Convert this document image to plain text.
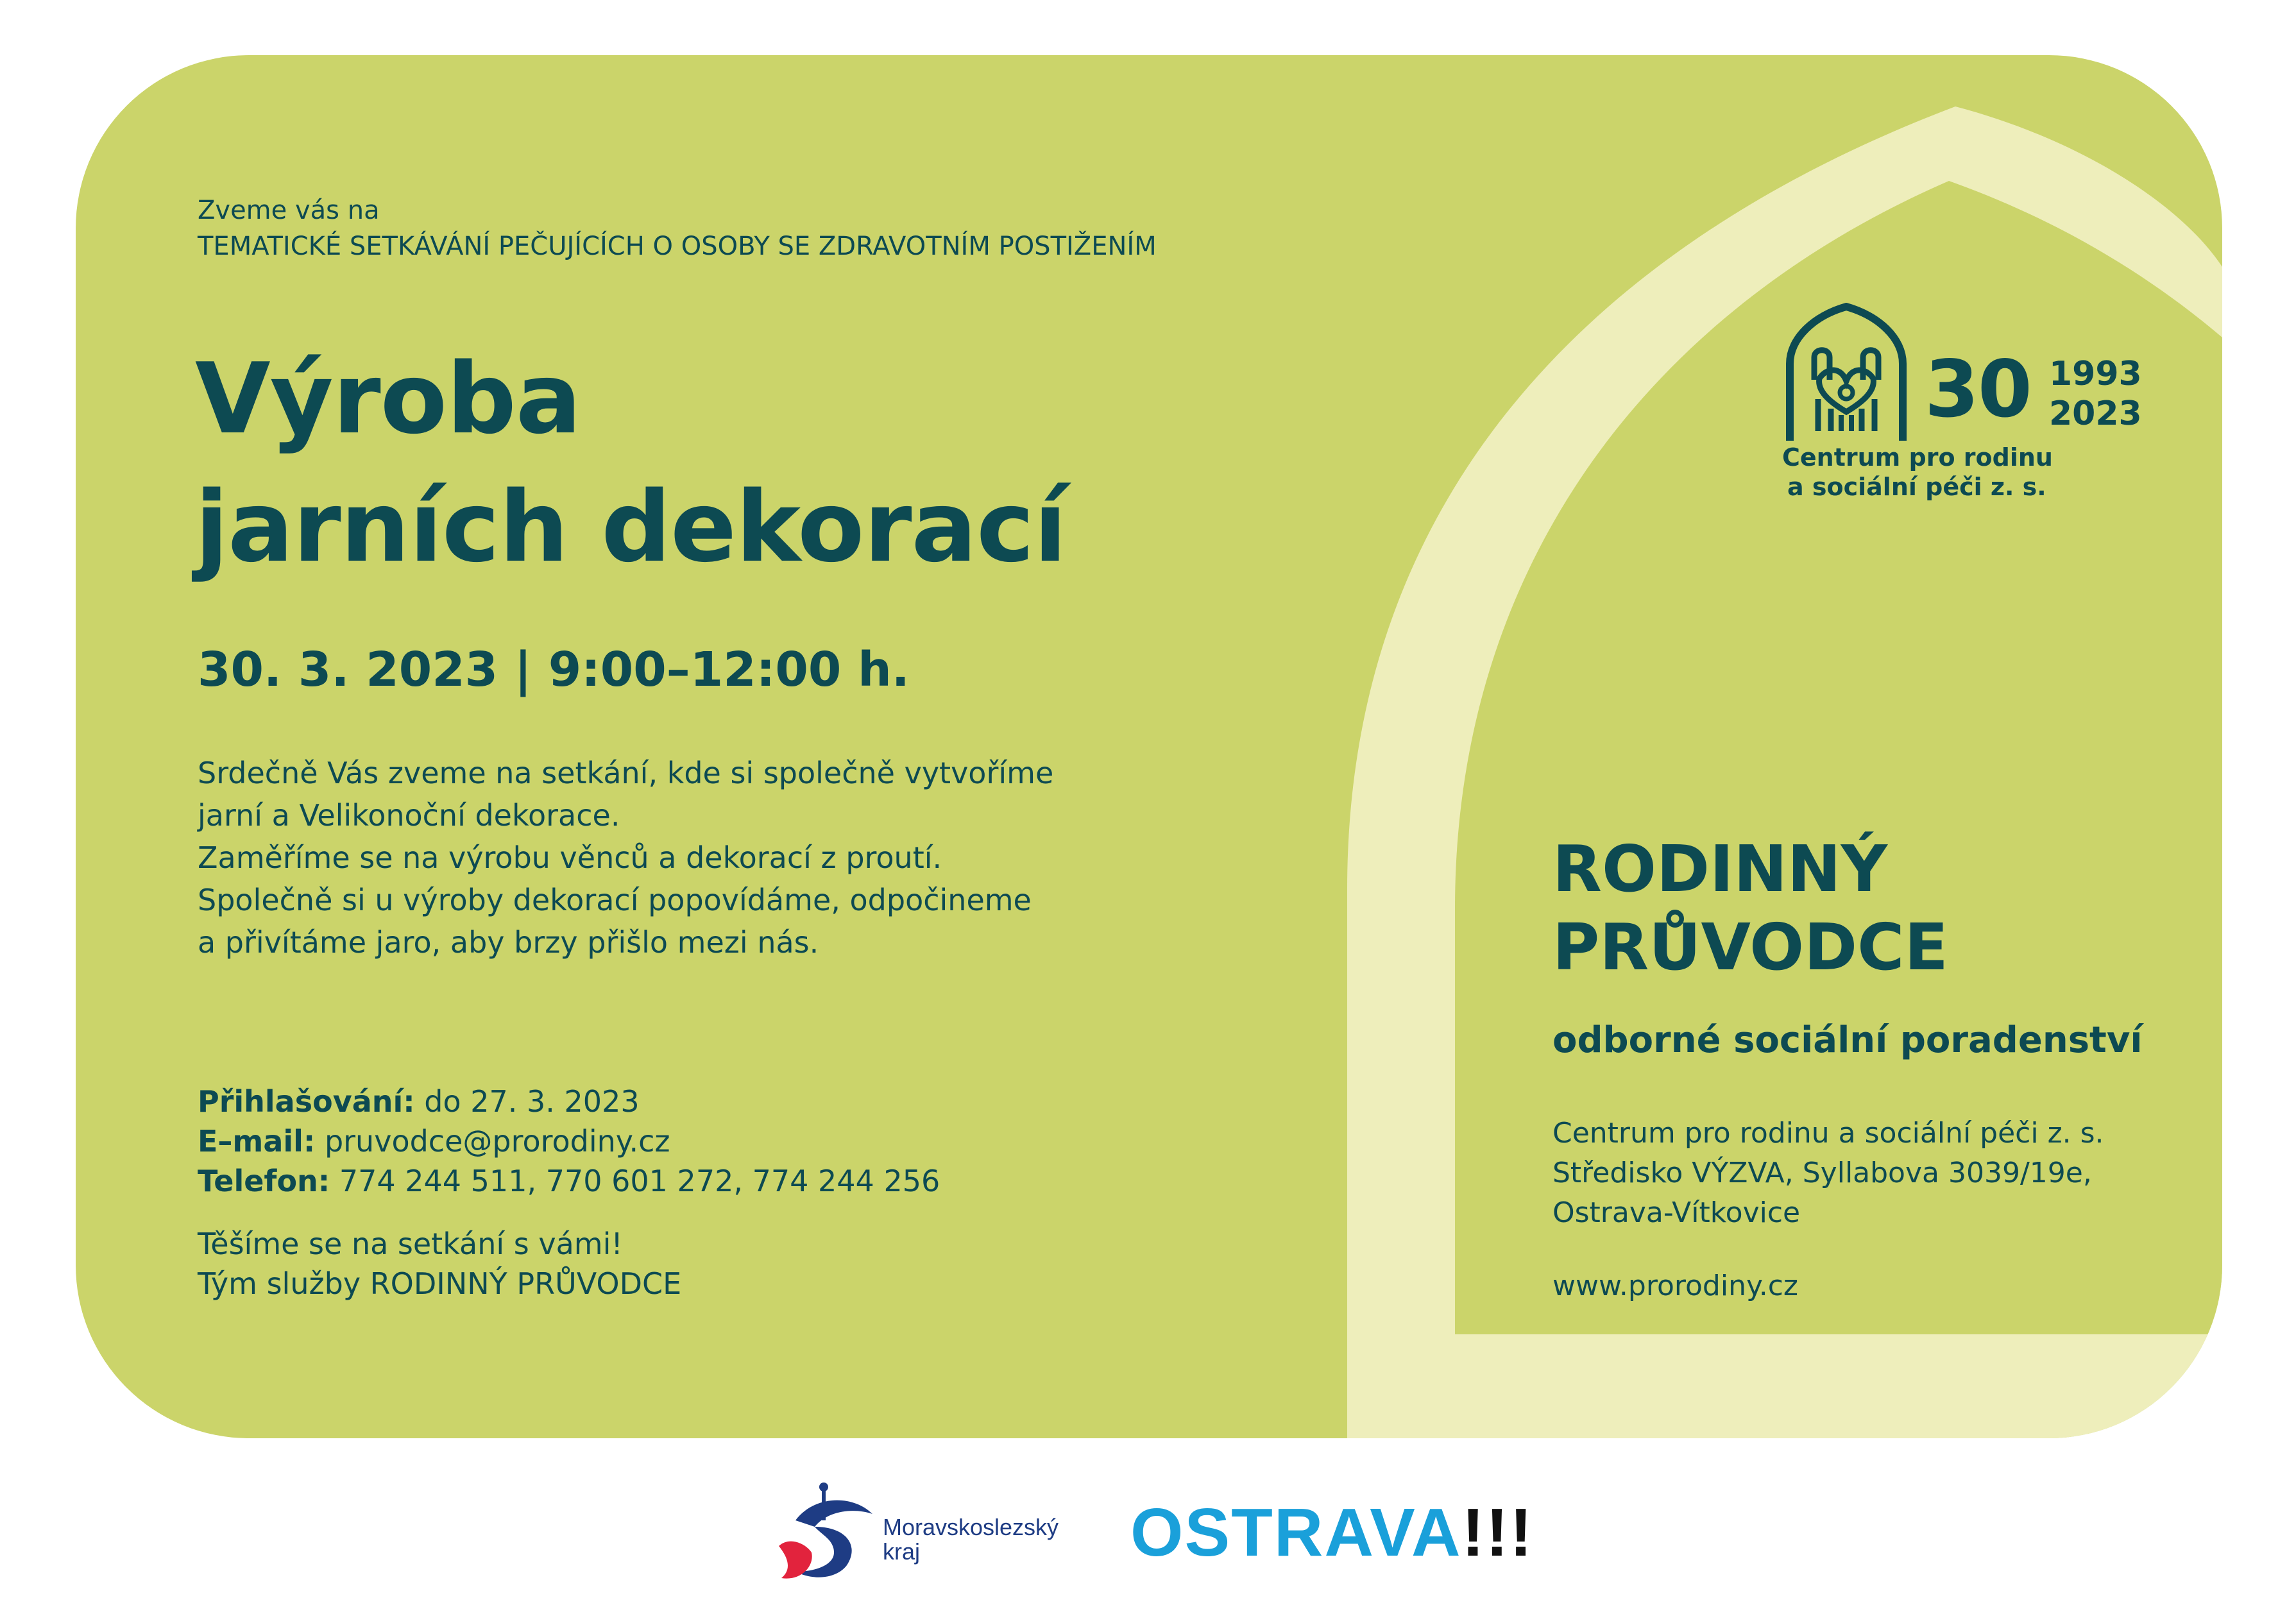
Zveme vás na
TEMATICKÉ SETKÁVÁNÍ PEČUJÍCÍCH O OSOBY SE ZDRAVOTNÍM POSTIŽENÍM
Výroba
jarních dekorací
30. 3. 2023 | 9:00–12:00 h.
Srdečně Vás zveme na setkání, kde si společně vytvoříme
jarní a Velikonoční dekorace.
Zaměříme se na výrobu věnců a dekorací z proutí.
Společně si u výroby dekorací popovídáme, odpočineme
a přivítáme jaro, aby brzy přišlo mezi nás.
Přihlašování: do 27. 3. 2023
E–mail: pruvodce@prorodiny.cz
Telefon: 774 244 511, 770 601 272, 774 244 256
Těšíme se na setkání s vámi!
Tým služby RODINNÝ PRŮVODCE
30 1993
2023
Centrum pro rodinu
a sociální péči z. s.
RODINNÝ
PRŮVODCE
odborné sociální poradenství
Centrum pro rodinu a sociální péči z. s.
Středisko VÝZVA, Syllabova 3039/19e,
Ostrava-Vítkovice
www.prorodiny.cz
Moravskoslezský
kraj	OSTRAVA!!!
